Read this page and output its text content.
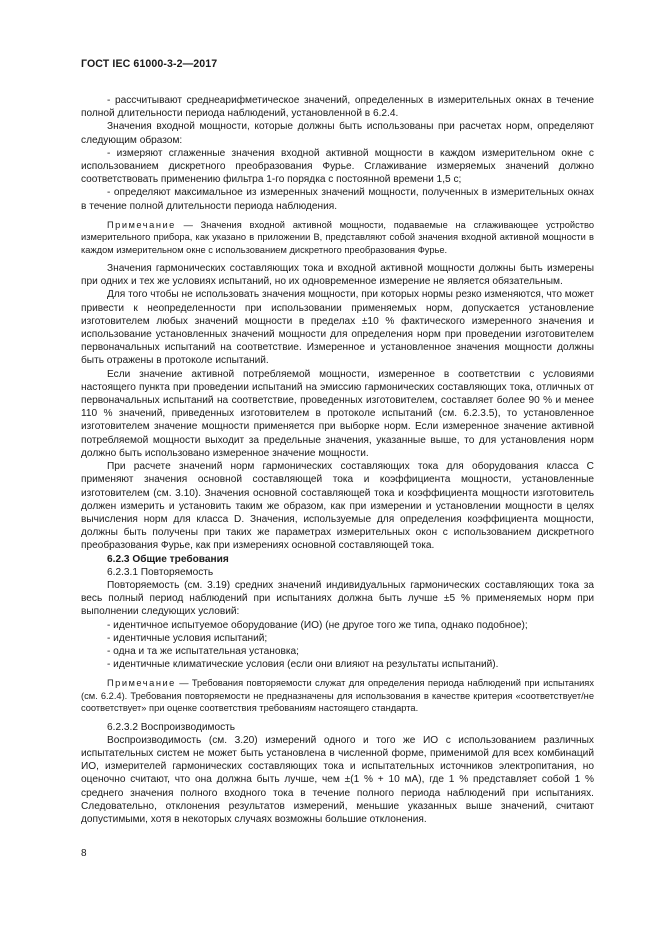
ГОСТ IEC 61000-3-2—2017

- рассчитывают среднеарифметическое значений, определенных в измерительных окнах в течение полной длительности периода наблюдений, установленной в 6.2.4.

Значения входной мощности, которые должны быть использованы при расчетах норм, определяют следующим образом:

- измеряют сглаженные значения входной активной мощности в каждом измерительном окне с использованием дискретного преобразования Фурье. Сглаживание измеряемых значений должно соответствовать применению фильтра 1-го порядка с постоянной времени 1,5 с;

- определяют максимальное из измеренных значений мощности, полученных в измерительных окнах в течение полной длительности периода наблюдения.

Примечание — Значения входной активной мощности, подаваемые на сглаживающее устройство измерительного прибора, как указано в приложении В, представляют собой значения входной активной мощности в каждом измерительном окне с использованием дискретного преобразования Фурье.

Значения гармонических составляющих тока и входной активной мощности должны быть измерены при одних и тех же условиях испытаний, но их одновременное измерение не является обязательным.

Для того чтобы не использовать значения мощности, при которых нормы резко изменяются, что может привести к неопределенности при использовании применяемых норм, допускается установление изготовителем любых значений мощности в пределах ±10 % фактического измеренного значения и использование установленных значений мощности для определения норм при проведении изготовителем первоначальных испытаний на соответствие. Измеренное и установленное значения мощности должны быть отражены в протоколе испытаний.

Если значение активной потребляемой мощности, измеренное в соответствии с условиями настоящего пункта при проведении испытаний на эмиссию гармонических составляющих тока, отличных от первоначальных испытаний на соответствие, проведенных изготовителем, составляет более 90 % и менее 110 % значений, приведенных изготовителем в протоколе испытаний (см. 6.2.3.5), то установленное изготовителем значение мощности применяется при выборке норм. Если измеренное значение активной потребляемой мощности выходит за предельные значения, указанные выше, то для установления норм должно быть использовано измеренное значение мощности.

При расчете значений норм гармонических составляющих тока для оборудования класса С применяют значения основной составляющей тока и коэффициента мощности, установленные изготовителем (см. 3.10). Значения основной составляющей тока и коэффициента мощности изготовитель должен измерить и установить таким же образом, как при измерении и установлении мощности в целях вычисления норм для класса D. Значения, используемые для определения коэффициента мощности, должны быть получены при таких же параметрах измерительных окон с использованием дискретного преобразования Фурье, как при измерениях основной составляющей тока.

6.2.3 Общие требования

6.2.3.1 Повторяемость

Повторяемость (см. 3.19) средних значений индивидуальных гармонических составляющих тока за весь полный период наблюдений при испытаниях должна быть лучше ±5 % применяемых норм при выполнении следующих условий:

- идентичное испытуемое оборудование (ИО) (не другое того же типа, однако подобное);

- идентичные условия испытаний;

- одна и та же испытательная установка;

- идентичные климатические условия (если они влияют на результаты испытаний).

Примечание — Требования повторяемости служат для определения периода наблюдений при испытаниях (см. 6.2.4). Требования повторяемости не предназначены для использования в качестве критерия «соответствует/не соответствует» при оценке соответствия требованиям настоящего стандарта.

6.2.3.2 Воспроизводимость

Воспроизводимость (см. 3.20) измерений одного и того же ИО с использованием различных испытательных систем не может быть установлена в численной форме, применимой для всех комбинаций ИО, измерителей гармонических составляющих тока и испытательных источников электропитания, но оценочно считают, что она должна быть лучше, чем ±(1 % + 10 мА), где 1 % представляет собой 1 % среднего значения полного входного тока в течение полного периода наблюдений при испытаниях. Следовательно, отклонения результатов измерений, меньшие указанных выше значений, считают допустимыми, хотя в некоторых случаях возможны большие отклонения.

8
